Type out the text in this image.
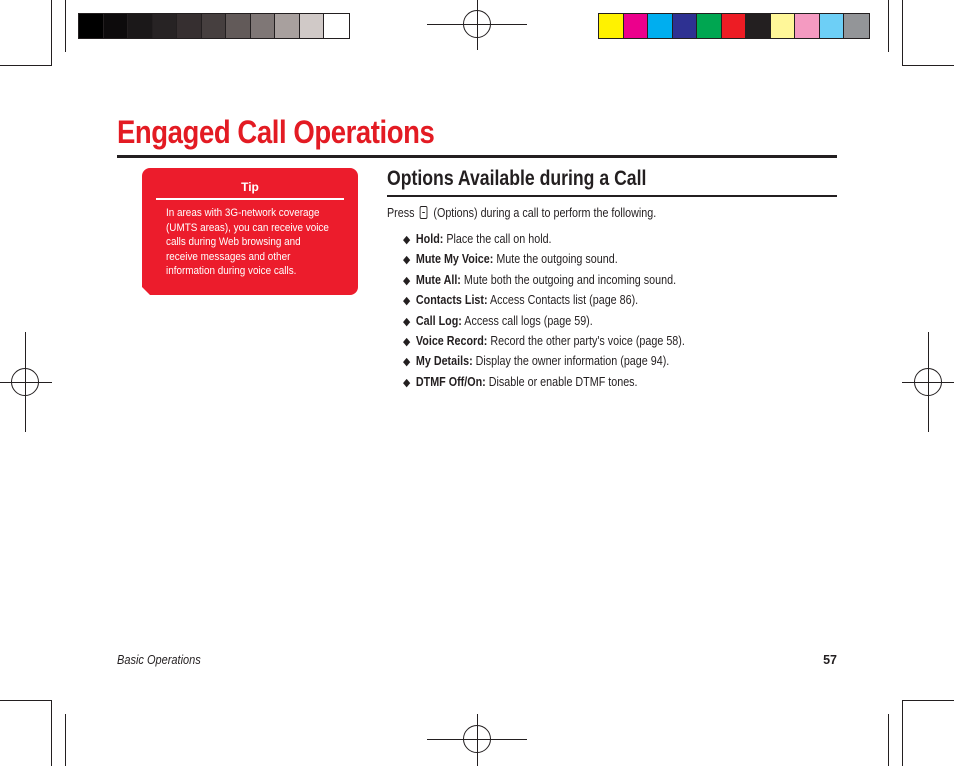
Engaged Call Operations
Tip
In areas with 3G-network coverage (UMTS areas), you can receive voice calls during Web browsing and receive messages and other information during voice calls.
Options Available during a Call
Press (Options) during a call to perform the following.
◆ Hold: Place the call on hold.
◆ Mute My Voice: Mute the outgoing sound.
◆ Mute All: Mute both the outgoing and incoming sound.
◆ Contacts List: Access Contacts list (page 86).
◆ Call Log: Access call logs (page 59).
◆ Voice Record: Record the other party's voice (page 58).
◆ My Details: Display the owner information (page 94).
◆ DTMF Off/On: Disable or enable DTMF tones.
Basic Operations	57
